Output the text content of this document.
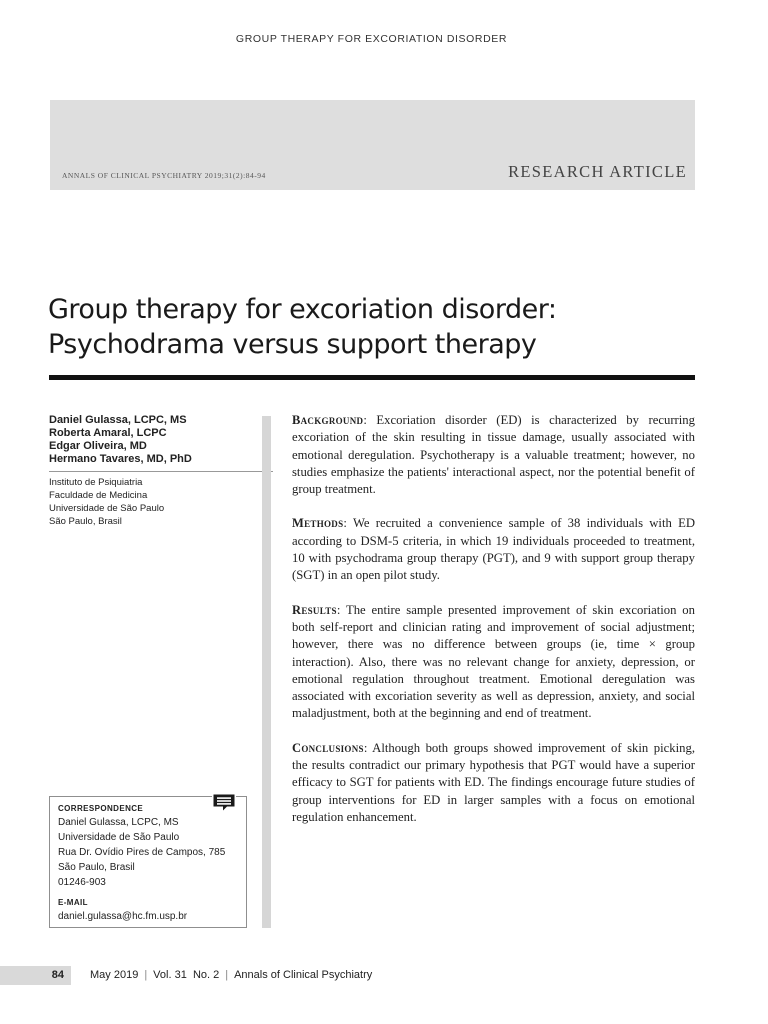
GROUP THERAPY FOR EXCORIATION DISORDER
ANNALS OF CLINICAL PSYCHIATRY 2019;31(2):84-94	RESEARCH ARTICLE
Group therapy for excoriation disorder:
Psychodrama versus support therapy
Daniel Gulassa, LCPC, MS
Roberta Amaral, LCPC
Edgar Oliveira, MD
Hermano Tavares, MD, PhD
Instituto de Psiquiatria
Faculdade de Medicina
Universidade de São Paulo
São Paulo, Brasil

Background: Excoriation disorder (ED) is characterized by recurring excoriation of the skin resulting in tissue damage, usually associated with emotional deregulation. Psychotherapy is a valuable treatment; however, no studies emphasize the patients' interactional aspect, nor the potential benefit of group treatment.

Methods: We recruited a convenience sample of 38 individuals with ED according to DSM-5 criteria, in which 19 individuals proceeded to treatment, 10 with psychodrama group therapy (PGT), and 9 with support group therapy (SGT) in an open pilot study.

Results: The entire sample presented improvement of skin excoriation on both self-report and clinician rating and improvement of social adjustment; however, there was no difference between groups (ie, time × group interaction). Also, there was no relevant change for anxiety, depression, or emotional regulation throughout treatment. Emotional deregulation was associated with excoriation severity as well as depression, anxiety, and social maladjustment, both at the beginning and end of treatment.

Conclusions: Although both groups showed improvement of skin picking, the results contradict our primary hypothesis that PGT would have a superior efficacy to SGT for patients with ED. The findings encourage future studies of group interventions for ED in larger samples with a focus on emotional regulation enhancement.

CORRESPONDENCE
Daniel Gulassa, LCPC, MS
Universidade de São Paulo
Rua Dr. Ovídio Pires de Campos, 785
São Paulo, Brasil
01246-903
E-MAIL
daniel.gulassa@hc.fm.usp.br
84 May 2019 | Vol. 31 No. 2 | Annals of Clinical Psychiatry
